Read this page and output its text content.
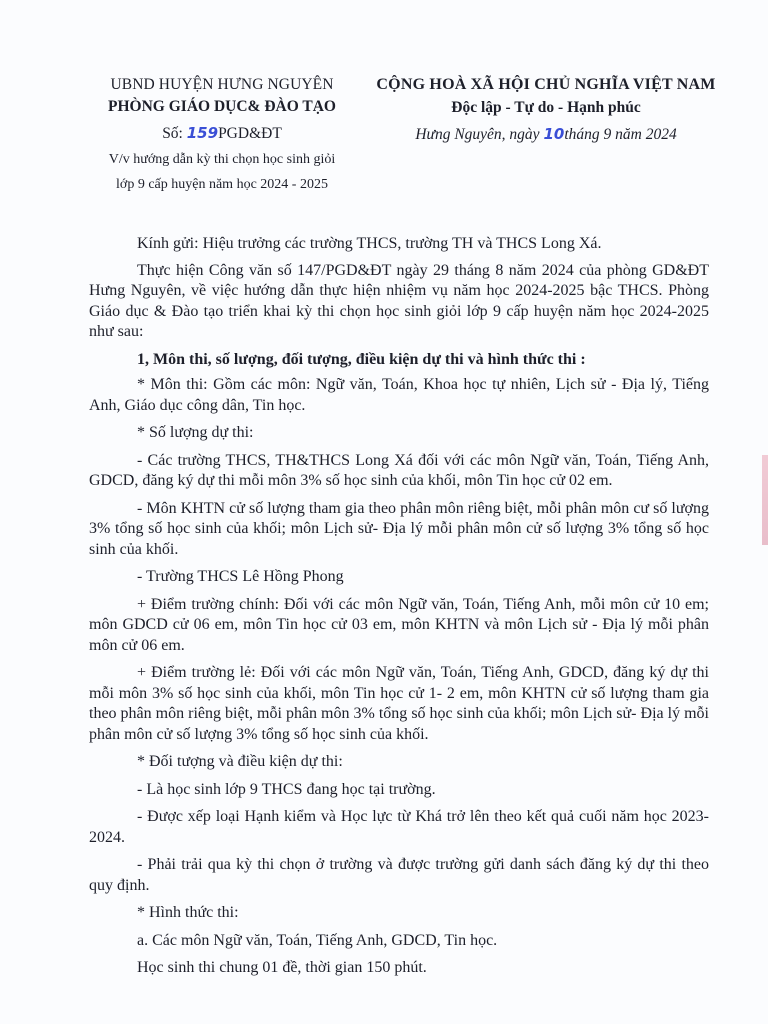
UBND HUYỆN HƯNG NGUYÊN
PHÒNG GIÁO DỤC& ĐÀO TẠO
Số: 159PGD&ĐT
V/v hướng dẫn kỳ thi chọn học sinh giỏi
lớp 9 cấp huyện năm học 2024 - 2025
CỘNG HOÀ XÃ HỘI CHỦ NGHĨA VIỆT NAM
Độc lập - Tự do - Hạnh phúc
Hưng Nguyên, ngày 10tháng 9 năm 2024

Kính gửi: Hiệu trưởng các trường THCS, trường TH và THCS Long Xá.

Thực hiện Công văn số 147/PGD&ĐT ngày 29 tháng 8 năm 2024 của phòng GD&ĐT Hưng Nguyên, về việc hướng dẫn thực hiện nhiệm vụ năm học 2024-2025 bậc THCS. Phòng Giáo dục & Đào tạo triển khai kỳ thi chọn học sinh giỏi lớp 9 cấp huyện năm học 2024-2025 như sau:

1, Môn thi, số lượng, đối tượng, điều kiện dự thi và hình thức thi :

* Môn thi: Gồm các môn: Ngữ văn, Toán, Khoa học tự nhiên, Lịch sử - Địa lý, Tiếng Anh, Giáo dục công dân, Tin học.

* Số lượng dự thi:

- Các trường THCS, TH&THCS Long Xá đối với các môn Ngữ văn, Toán, Tiếng Anh, GDCD, đăng ký dự thi mỗi môn 3% số học sinh của khối, môn Tin học cử 02 em.

- Môn KHTN cử số lượng tham gia theo phân môn riêng biệt, mỗi phân môn cư số lượng 3% tổng số học sinh của khối; môn Lịch sử- Địa lý mỗi phân môn cử số lượng 3% tổng số học sinh của khối.

- Trường THCS Lê Hồng Phong

+ Điểm trường chính: Đối với các môn Ngữ văn, Toán, Tiếng Anh, mỗi môn cử 10 em; môn GDCD cử 06 em, môn Tin học cử 03 em, môn KHTN và môn Lịch sử - Địa lý mỗi phân môn cử 06 em.

+ Điểm trường lẻ: Đối với các môn Ngữ văn, Toán, Tiếng Anh, GDCD, đăng ký dự thi mỗi môn 3% số học sinh của khối, môn Tin học cử 1- 2 em, môn KHTN cử số lượng tham gia theo phân môn riêng biệt, mỗi phân môn 3% tổng số học sinh của khối; môn Lịch sử- Địa lý mỗi phân môn cử số lượng 3% tổng số học sinh của khối.

* Đối tượng và điều kiện dự thi:

- Là học sinh lớp 9 THCS đang học tại trường.

- Được xếp loại Hạnh kiểm và Học lực từ Khá trở lên theo kết quả cuối năm học 2023-2024.

- Phải trải qua kỳ thi chọn ở trường và được trường gửi danh sách đăng ký dự thi theo quy định.

* Hình thức thi:

a. Các môn Ngữ văn, Toán, Tiếng Anh, GDCD, Tin học.

Học sinh thi chung 01 đề, thời gian 150 phút.
